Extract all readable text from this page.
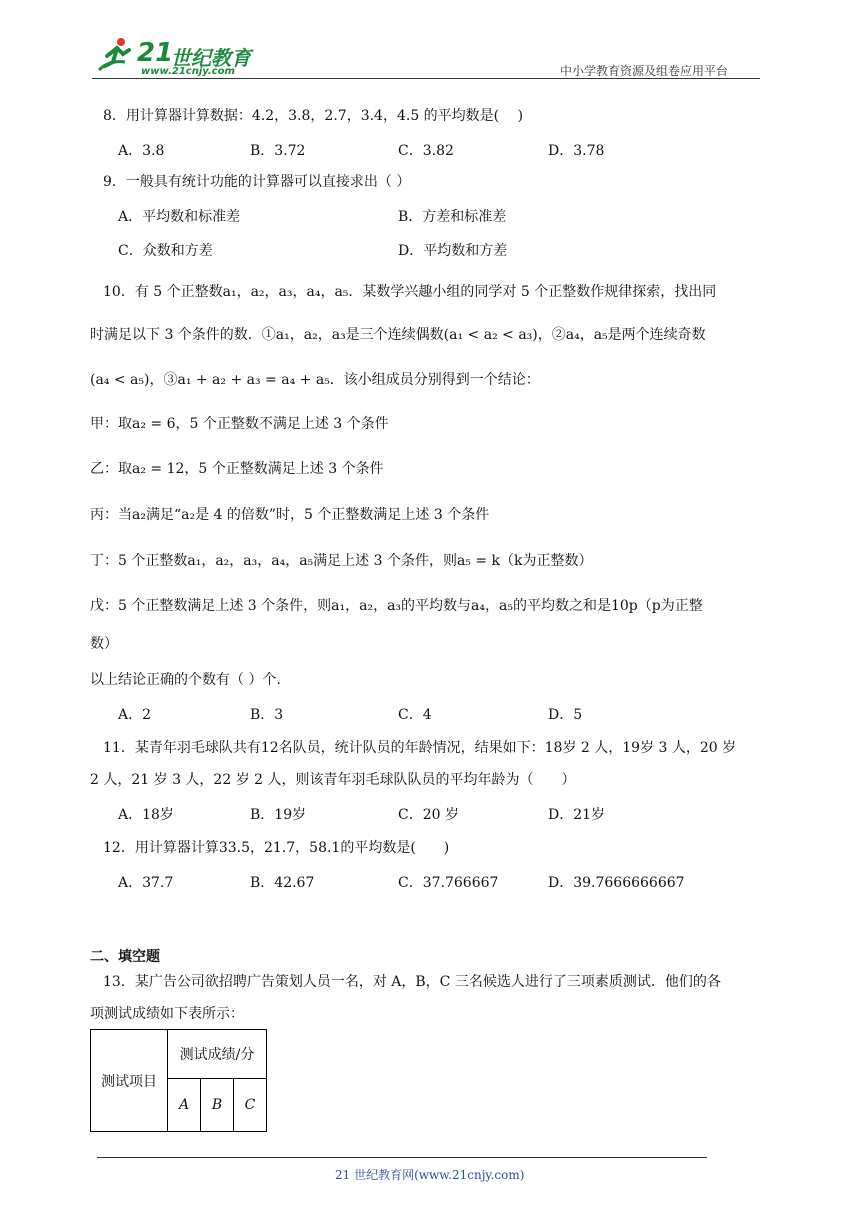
21
世纪教育
www.21cnjy.com	中小学教育资源及组卷应用平台
8．用计算器计算数据：4.2，3.8，2.7，3.4，4.5 的平均数是(　 )
A．3.8	B．3.72	C．3.82	D．3.78
9．一般具有统计功能的计算器可以直接求出（ ）
A．平均数和标准差	B．方差和标准差
C．众数和方差	D．平均数和方差
10．有 5 个正整数a₁，a₂，a₃，a₄，a₅．某数学兴趣小组的同学对 5 个正整数作规律探索，找出同
时满足以下 3 个条件的数．①a₁，a₂，a₃是三个连续偶数(a₁ < a₂ < a₃)，②a₄，a₅是两个连续奇数
(a₄ < a₅)，③a₁ + a₂ + a₃ = a₄ + a₅．该小组成员分别得到一个结论：
甲：取a₂ = 6，5 个正整数不满足上述 3 个条件
乙：取a₂ = 12，5 个正整数满足上述 3 个条件
丙：当a₂满足“a₂是 4 的倍数”时，5 个正整数满足上述 3 个条件
丁：5 个正整数a₁，a₂，a₃，a₄，a₅满足上述 3 个条件，则a₅ = k（k为正整数）
戊：5 个正整数满足上述 3 个条件，则a₁，a₂，a₃的平均数与a₄，a₅的平均数之和是10p（p为正整
数）
以上结论正确的个数有（ ）个.
A．2	B．3	C．4	D．5
11．某青年羽毛球队共有12名队员，统计队员的年龄情况，结果如下：18岁 2 人，19岁 3 人，20 岁
2 人，21 岁 3 人，22 岁 2 人，则该青年羽毛球队队员的平均年龄为（　　）
A．18岁	B．19岁	C．20 岁	D．21岁
12．用计算器计算33.5，21.7，58.1的平均数是(　　)
A．37.7	B．42.67	C．37.766667	D．39.7666666667
二、填空题
13．某广告公司欲招聘广告策划人员一名，对 A，B，C 三名候选人进行了三项素质测试．他们的各
项测试成绩如下表所示：
测试项目	测试成绩/分		
	A	B	C
21 世纪教育网(www.21cnjy.com)
